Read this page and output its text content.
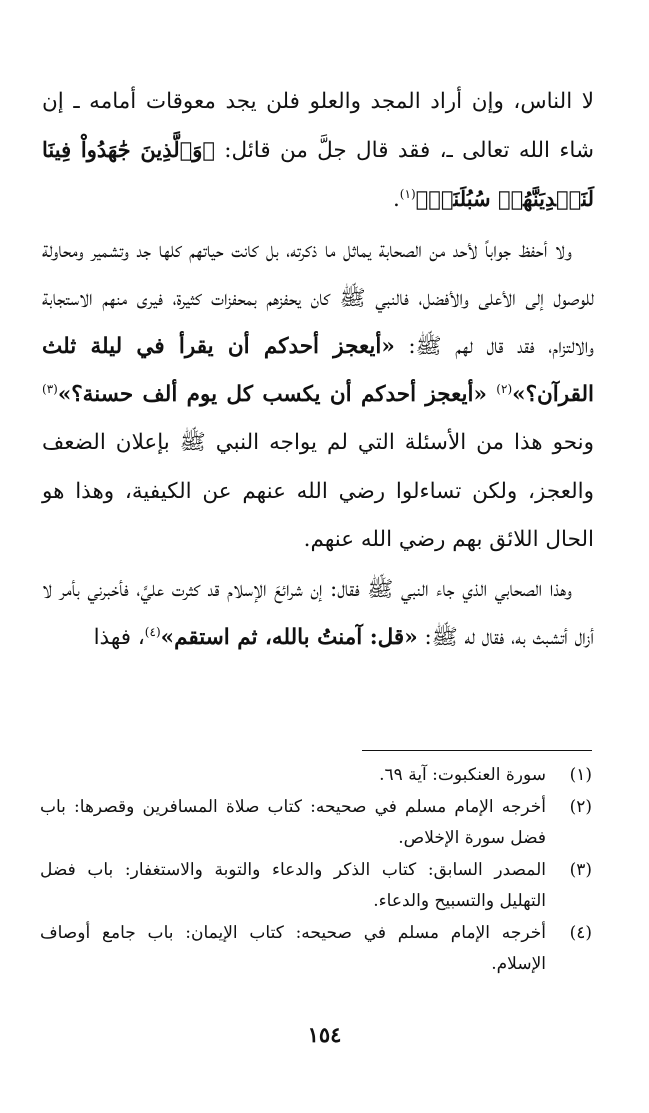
لا الناس، وإن أراد المجد والعلو فلن يجد معوقات أمامه ـ إن شاء الله تعالى ـ، فقد قال جلَّ من قائل: ﴿وَٱلَّذِينَ جَٰهَدُواْ فِينَا لَنَهۡدِيَنَّهُمۡ سُبُلَنَاۚ﴾$^{(١)}$.

ولا أحفظ جواباً لأحد من الصحابة يماثل ما ذكرته، بل كانت حياتهم كلها جد وتشمير ومحاولة للوصول إلى الأعلى والأفضل، فالنبي ﷺ كان يحفزهم بمحفزات كثيرة، فيرى منهم الاستجابة والالتزام، فقد قال لهم ﷺ: «أيعجز أحدكم أن يقرأ في ليلة ثلث القرآن؟»$^{(٢)}$ «أيعجز أحدكم أن يكسب كل يوم ألف حسنة؟»$^{(٣)}$ ونحو هذا من الأسئلة التي لم يواجه النبي ﷺ بإعلان الضعف والعجز، ولكن تساءلوا رضي الله عنهم عن الكيفية، وهذا هو الحال اللائق بهم رضي الله عنهم.

وهذا الصحابي الذي جاء النبي ﷺ فقال: إن شرائعَ الإسلام قد كثرت عليَّ، فأخبرني بأمر لا أزال أتشبث به، فقال له ﷺ: «قل: آمنتُ بالله، ثم استقم»$^{(٤)}$، فهذا

(١)
سورة العنكبوت: آية ٦٩.
(٢)
أخرجه الإمام مسلم في صحيحه: كتاب صلاة المسافرين وقصرها: باب فضل سورة الإخلاص.
(٣)
المصدر السابق: كتاب الذكر والدعاء والتوبة والاستغفار: باب فضل التهليل والتسبيح والدعاء.
(٤)
أخرجه الإمام مسلم في صحيحه: كتاب الإيمان: باب جامع أوصاف الإسلام.
١٥٤
